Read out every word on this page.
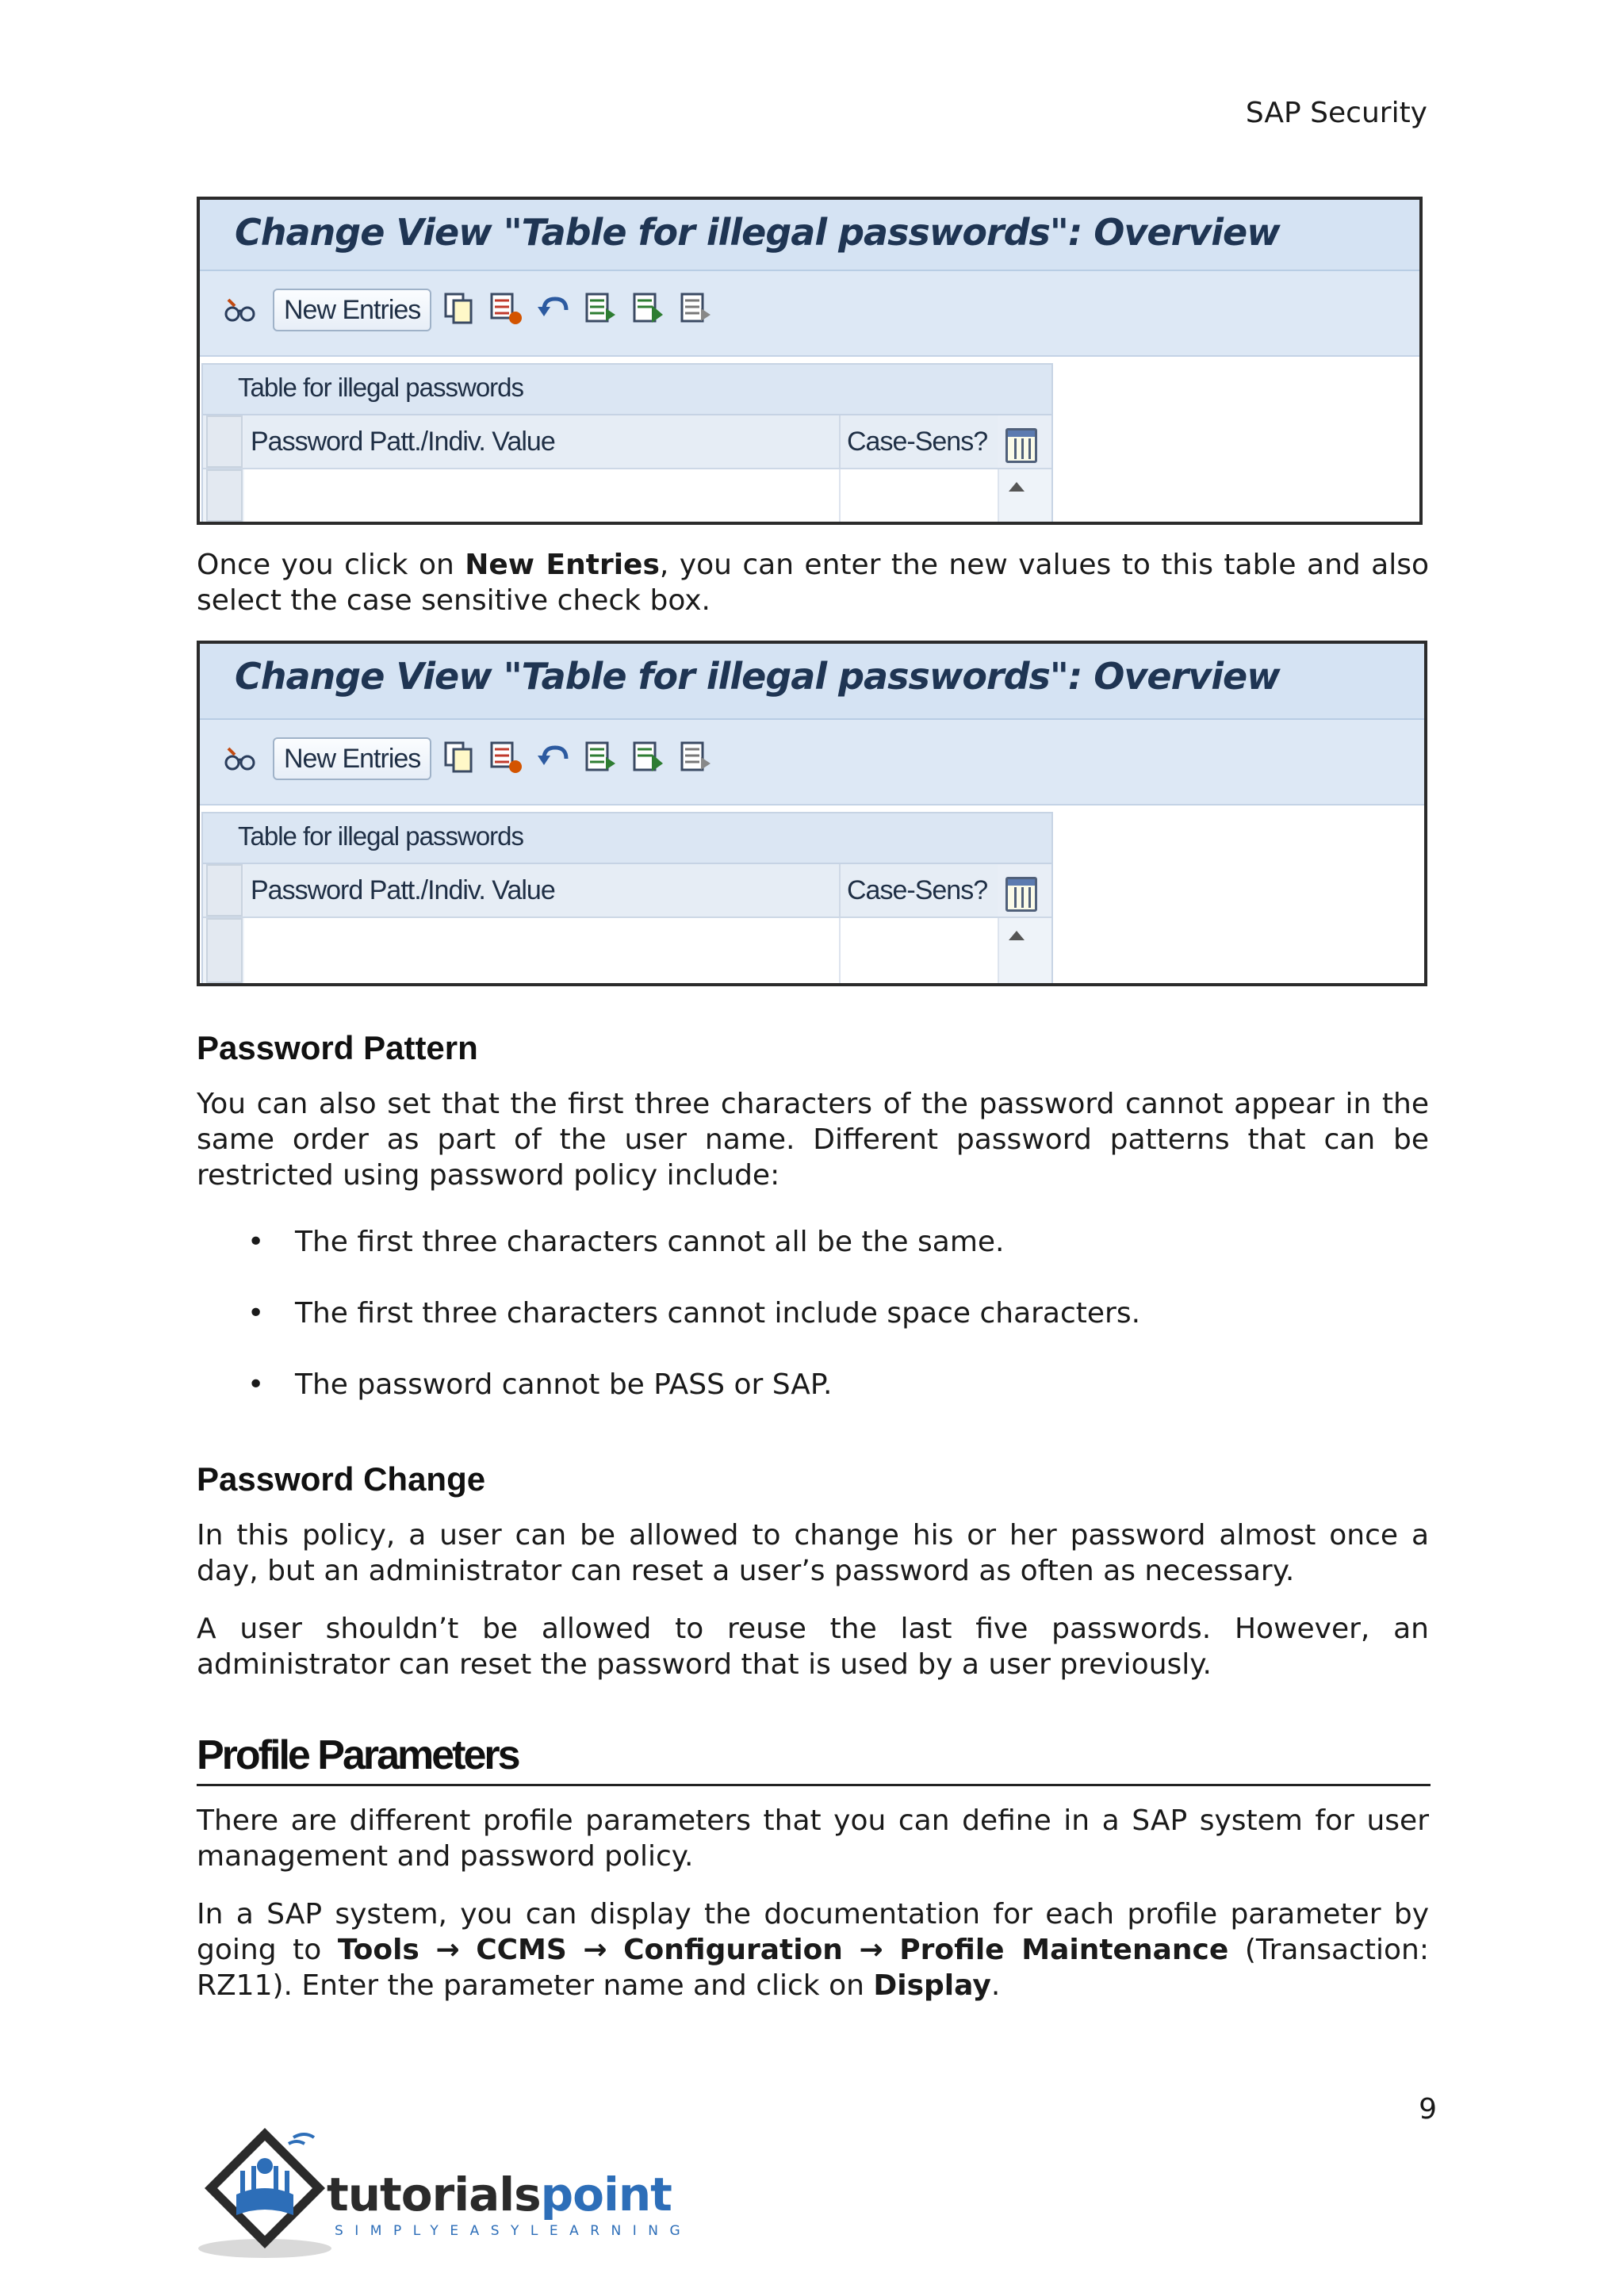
SAP Security
Change View "Table for illegal passwords": Overview
New Entries
Table for illegal passwords
Password Patt./Indiv. Value	Case-Sens?
Once you click on New Entries, you can enter the new values to this table and also select the case sensitive check box.
Change View "Table for illegal passwords": Overview
New Entries
Table for illegal passwords
Password Patt./Indiv. Value	Case-Sens?
Password Pattern
You can also set that the first three characters of the password cannot appear in the same order as part of the user name. Different password patterns that can be restricted using password policy include:
• The first three characters cannot all be the same.
• The first three characters cannot include space characters.
• The password cannot be PASS or SAP.
Password Change
In this policy, a user can be allowed to change his or her password almost once a day, but an administrator can reset a user’s password as often as necessary.
A user shouldn’t be allowed to reuse the last five passwords. However, an administrator can reset the password that is used by a user previously.
Profile Parameters
There are different profile parameters that you can define in a SAP system for user management and password policy.
In a SAP system, you can display the documentation for each profile parameter by going to Tools → CCMS → Configuration → Profile Maintenance (Transaction: RZ11). Enter the parameter name and click on Display.
9
tutorialspoint
SIMPLYEASYLEARNING
